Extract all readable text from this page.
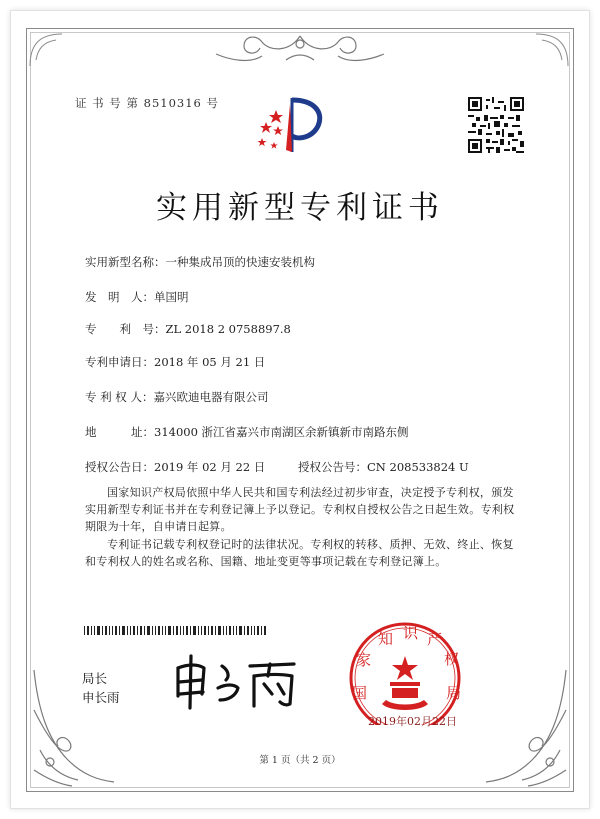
证 书 号 第 8510316 号
实用新型专利证书
实用新型名称：一种集成吊顶的快速安装机构
发　明　人：单国明
专　　利　号：ZL 2018 2 0758897.8
专利申请日：2018 年 05 月 21 日
专 利 权 人：嘉兴欧迪电器有限公司
地　　　址：314000 浙江省嘉兴市南湖区余新镇新市南路东侧
授权公告日：2019 年 02 月 22 日	授权公告号：CN 208533824 U
国家知识产权局依照中华人民共和国专利法经过初步审查，决定授予专利权，颁发实用新型专利证书并在专利登记簿上予以登记。专利权自授权公告之日起生效。专利权期限为十年，自申请日起算。
专利证书记载专利权登记时的法律状况。专利权的转移、质押、无效、终止、恢复和专利权人的姓名或名称、国籍、地址变更等事项记载在专利登记簿上。
局长
申长雨	国
家
知 识 产
权
局
2019年02月22日
第 1 页（共 2 页）
